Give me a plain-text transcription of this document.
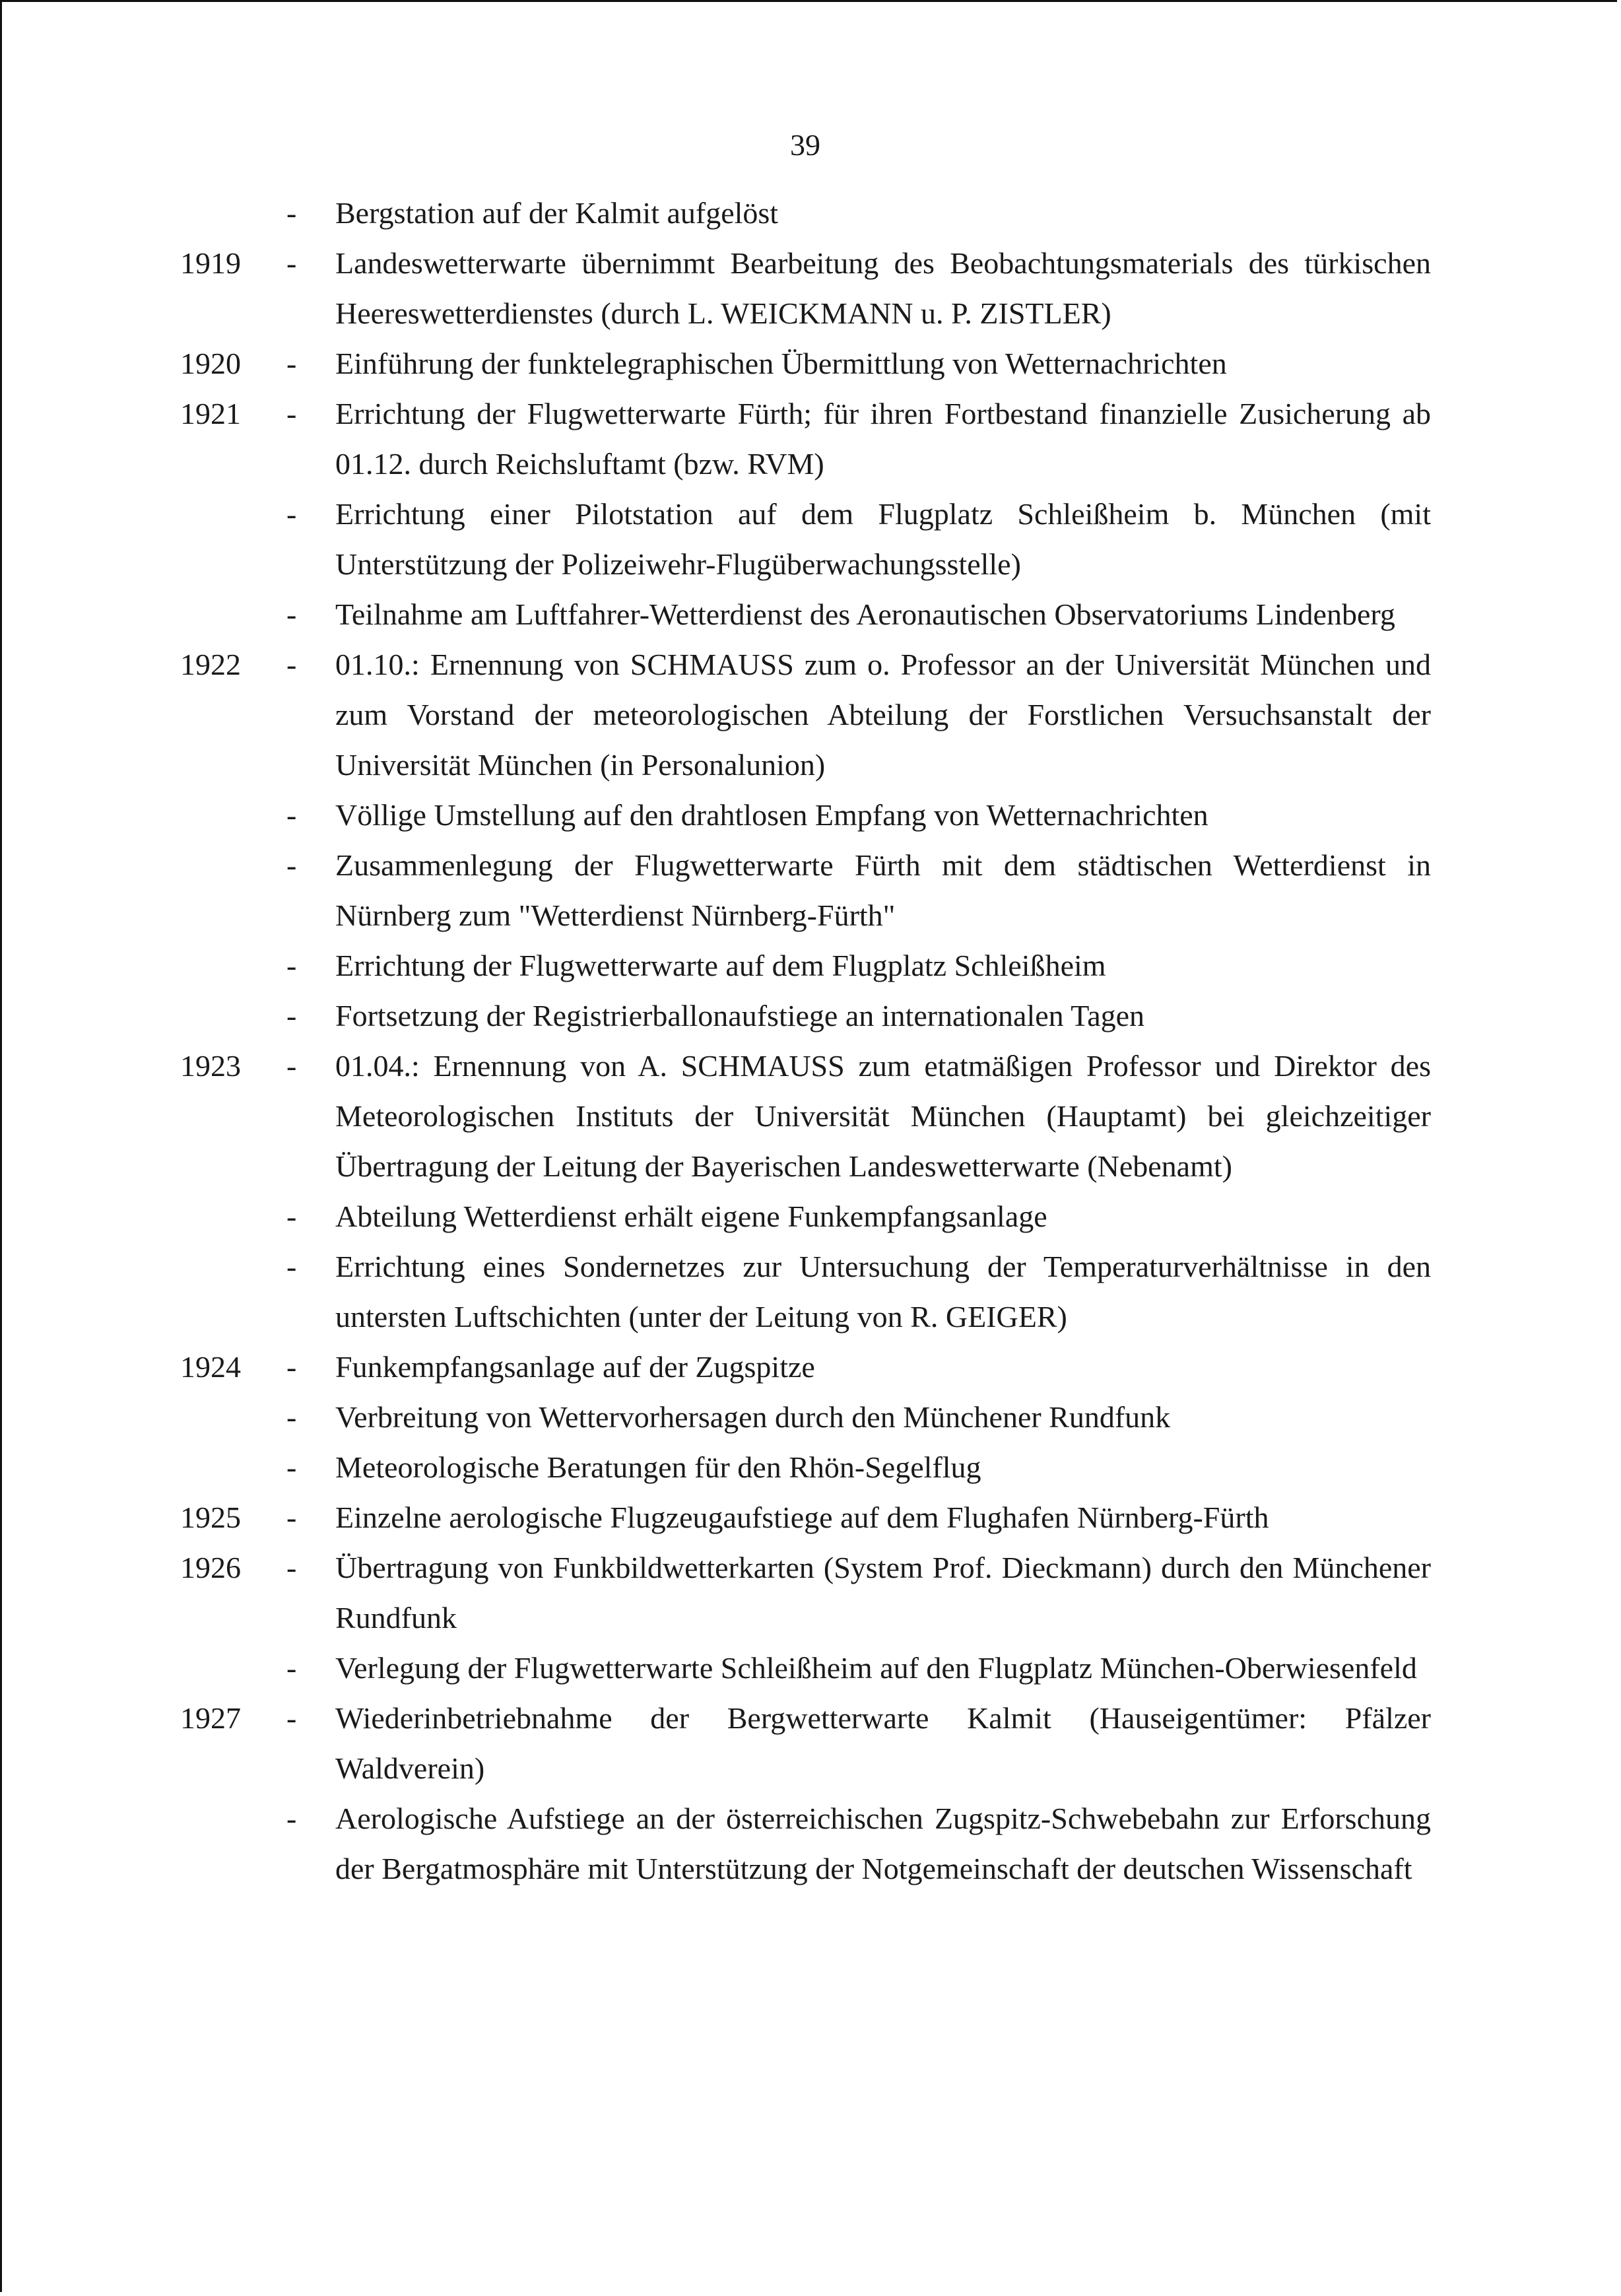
39
- Bergstation auf der Kalmit aufgelöst
1919 - Landeswetterwarte übernimmt Bearbeitung des Beobachtungsmaterials des türkischen Heereswetterdienstes (durch L. WEICKMANN u. P. ZISTLER)
1920 - Einführung der funktelegraphischen Übermittlung von Wetternachrichten
1921 - Errichtung der Flugwetterwarte Fürth; für ihren Fortbestand finanzielle Zusicherung ab 01.12. durch Reichsluftamt (bzw. RVM)
- Errichtung einer Pilotstation auf dem Flugplatz Schleißheim b. München (mit Unterstützung der Polizeiwehr-Flugüberwachungsstelle)
- Teilnahme am Luftfahrer-Wetterdienst des Aeronautischen Observatoriums Lindenberg
1922 - 01.10.: Ernennung von SCHMAUSS zum o. Professor an der Universität München und zum Vorstand der meteorologischen Abteilung der Forstlichen Versuchsanstalt der Universität München (in Personalunion)
- Völlige Umstellung auf den drahtlosen Empfang von Wetternachrichten
- Zusammenlegung der Flugwetterwarte Fürth mit dem städtischen Wetterdienst in Nürnberg zum "Wetterdienst Nürnberg-Fürth"
- Errichtung der Flugwetterwarte auf dem Flugplatz Schleißheim
- Fortsetzung der Registrierballonaufstiege an internationalen Tagen
1923 - 01.04.: Ernennung von A. SCHMAUSS zum etatmäßigen Professor und Direktor des Meteorologischen Instituts der Universität München (Hauptamt) bei gleichzeitiger Übertragung der Leitung der Bayerischen Landeswetterwarte (Nebenamt)
- Abteilung Wetterdienst erhält eigene Funkempfangsanlage
- Errichtung eines Sondernetzes zur Untersuchung der Temperaturverhältnisse in den untersten Luftschichten (unter der Leitung von R. GEIGER)
1924 - Funkempfangsanlage auf der Zugspitze
- Verbreitung von Wettervorhersagen durch den Münchener Rundfunk
- Meteorologische Beratungen für den Rhön-Segelflug
1925 - Einzelne aerologische Flugzeugaufstiege auf dem Flughafen Nürnberg-Fürth
1926 - Übertragung von Funkbildwetterkarten (System Prof. Dieckmann) durch den Münchener Rundfunk
- Verlegung der Flugwetterwarte Schleißheim auf den Flugplatz München-Oberwiesenfeld
1927 - Wiederinbetriebnahme der Bergwetterwarte Kalmit (Hauseigentümer: Pfälzer Waldverein)
- Aerologische Aufstiege an der österreichischen Zugspitz-Schwebebahn zur Erforschung der Bergatmosphäre mit Unterstützung der Notgemeinschaft der deutschen Wissenschaft
